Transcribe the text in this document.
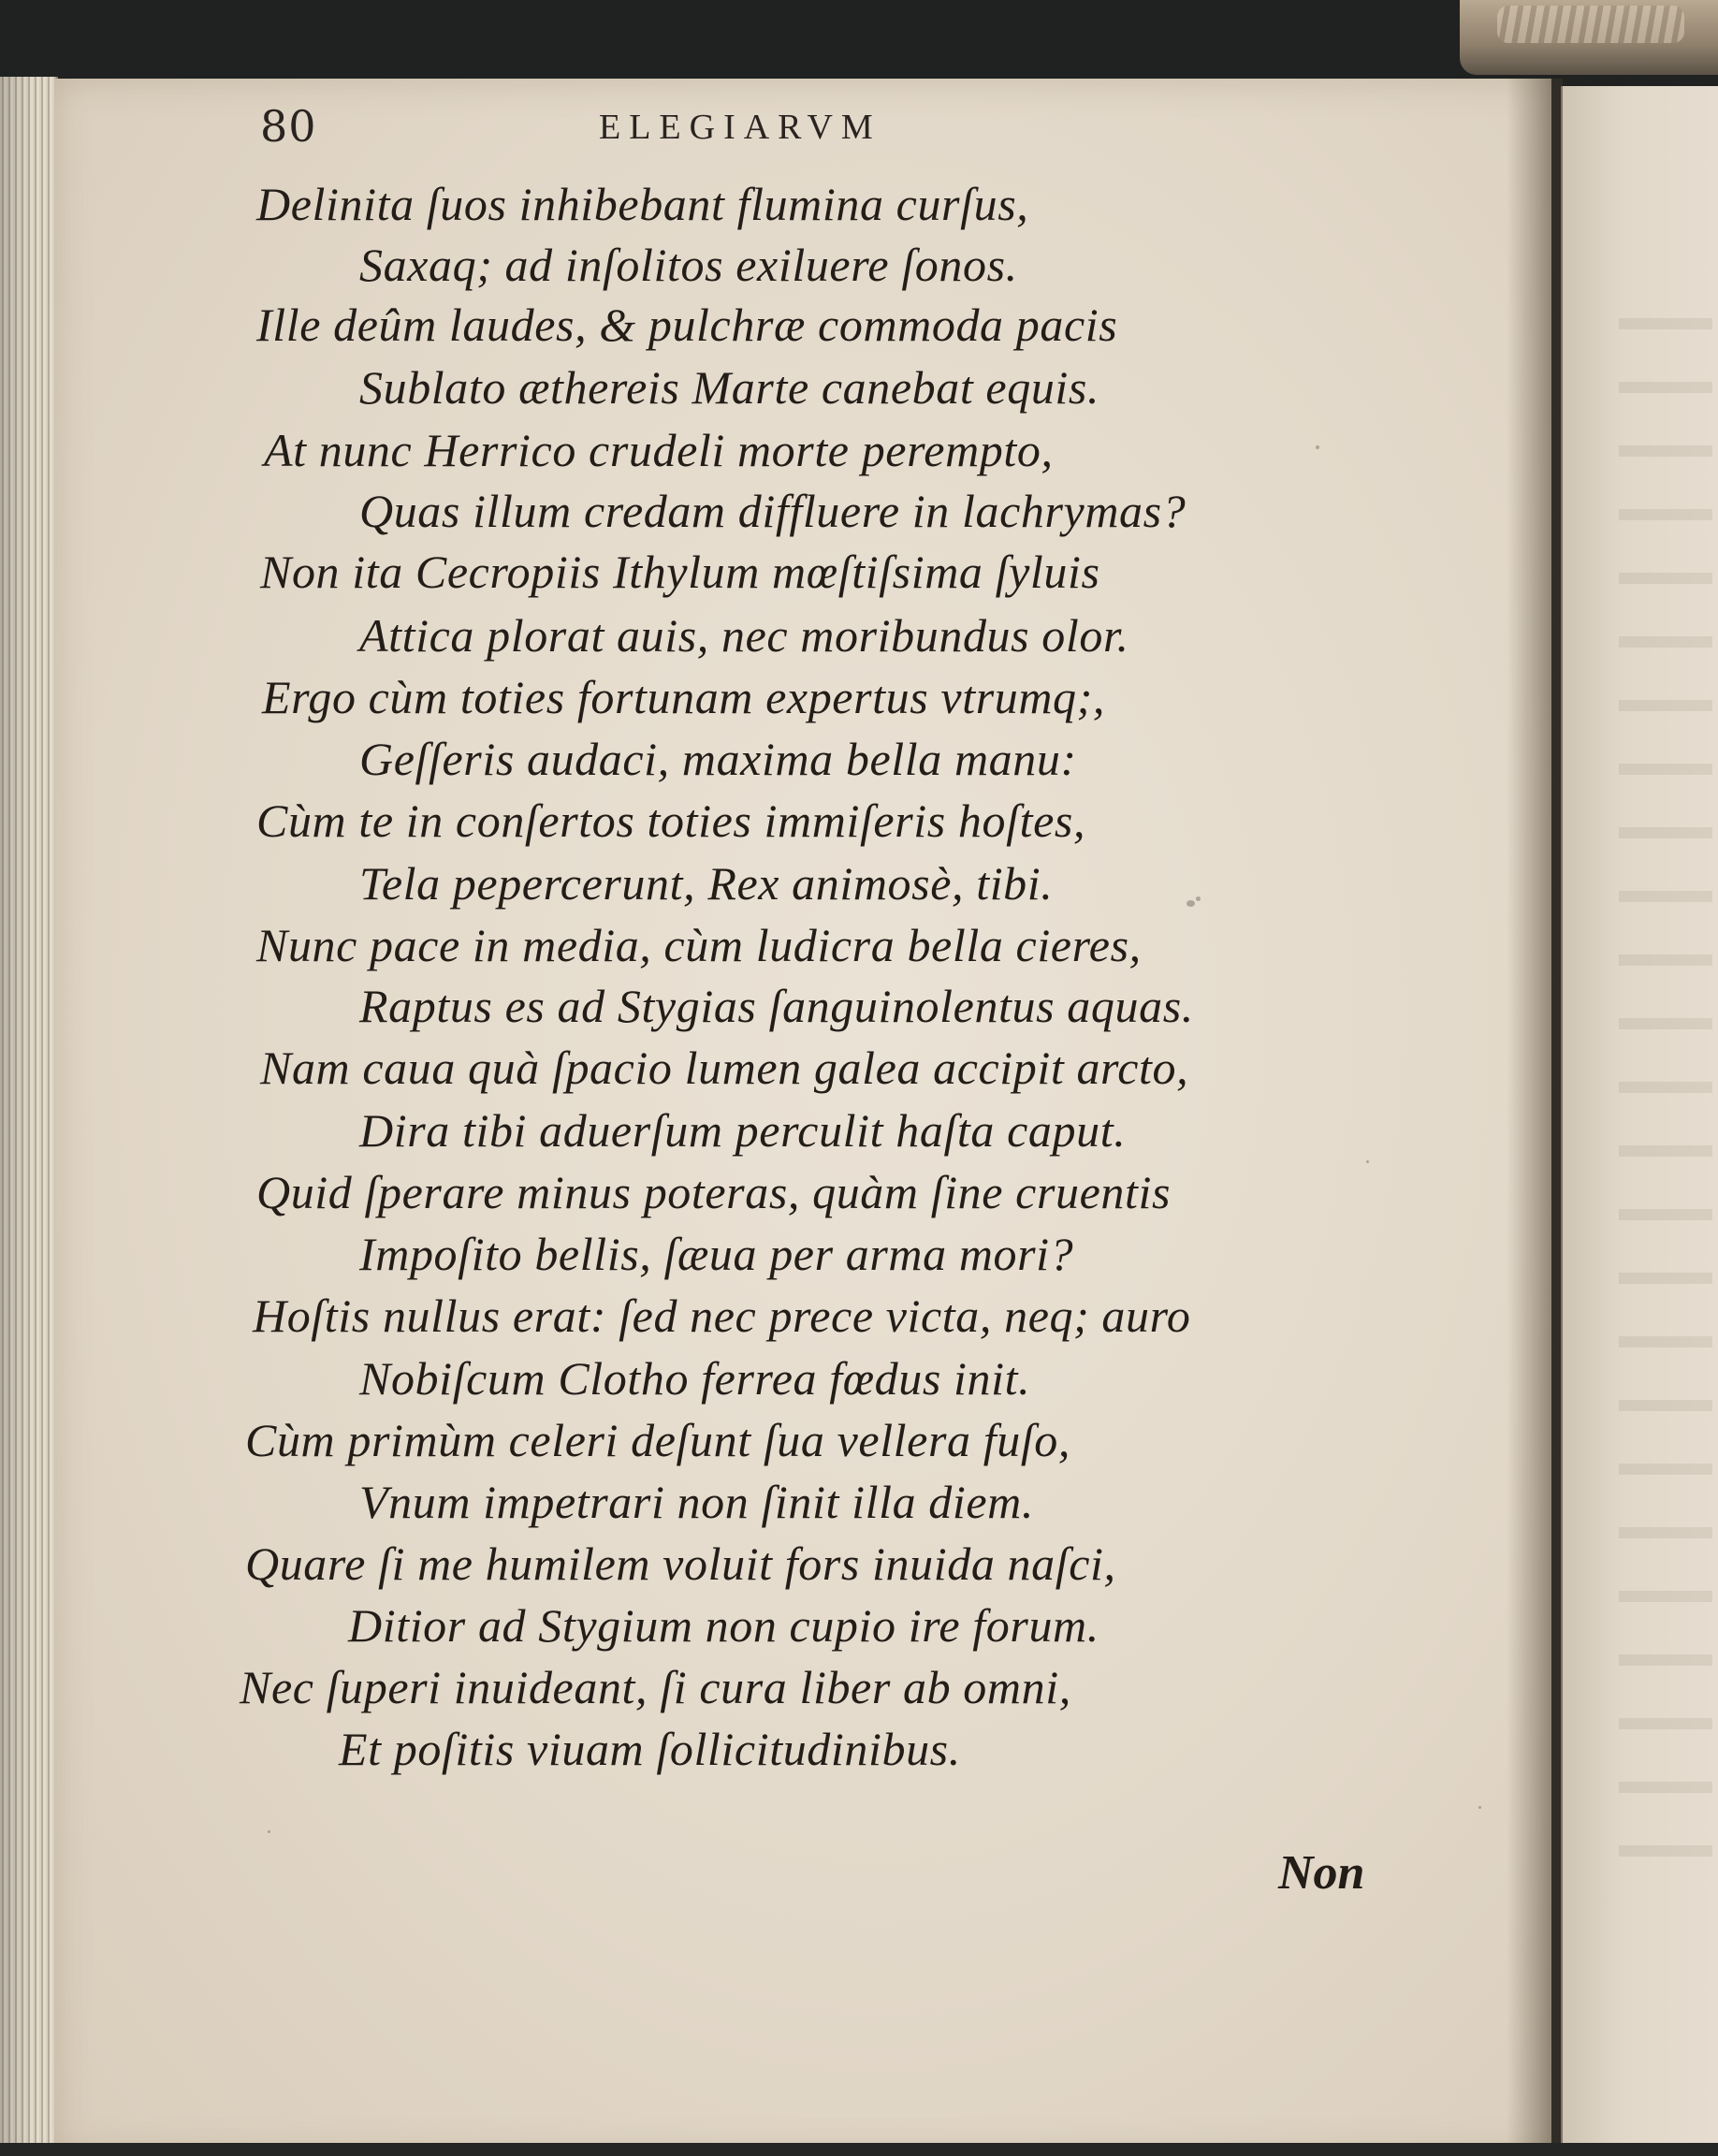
80	ELEGIARVM
Delinita ſuos inhibebant flumina curſus,
Saxaq; ad inſolitos exiluere ſonos.
Ille deûm laudes, & pulchræ commoda pacis
Sublato æthereis Marte canebat equis.
At nunc Herrico crudeli morte perempto,
Quas illum credam diffluere in lachrymas?
Non ita Cecropiis Ithylum mœſtiſsima ſyluis
Attica plorat auis, nec moribundus olor.
Ergo cùm toties fortunam expertus vtrumq;,
Geſſeris audaci, maxima bella manu:
Cùm te in conſertos toties immiſeris hoſtes,
Tela pepercerunt, Rex animosè, tibi.
Nunc pace in media, cùm ludicra bella cieres,
Raptus es ad Stygias ſanguinolentus aquas.
Nam caua quà ſpacio lumen galea accipit arcto,
Dira tibi aduerſum perculit haſta caput.
Quid ſperare minus poteras, quàm ſine cruentis
Impoſito bellis, ſæua per arma mori?
Hoſtis nullus erat: ſed nec prece victa, neq; auro
Nobiſcum Clotho ferrea fœdus init.
Cùm primùm celeri deſunt ſua vellera fuſo,
Vnum impetrari non ſinit illa diem.
Quare ſi me humilem voluit fors inuida naſci,
Ditior ad Stygium non cupio ire forum.
Nec ſuperi inuideant, ſi cura liber ab omni,
Et poſitis viuam ſollicitudinibus.
Non
